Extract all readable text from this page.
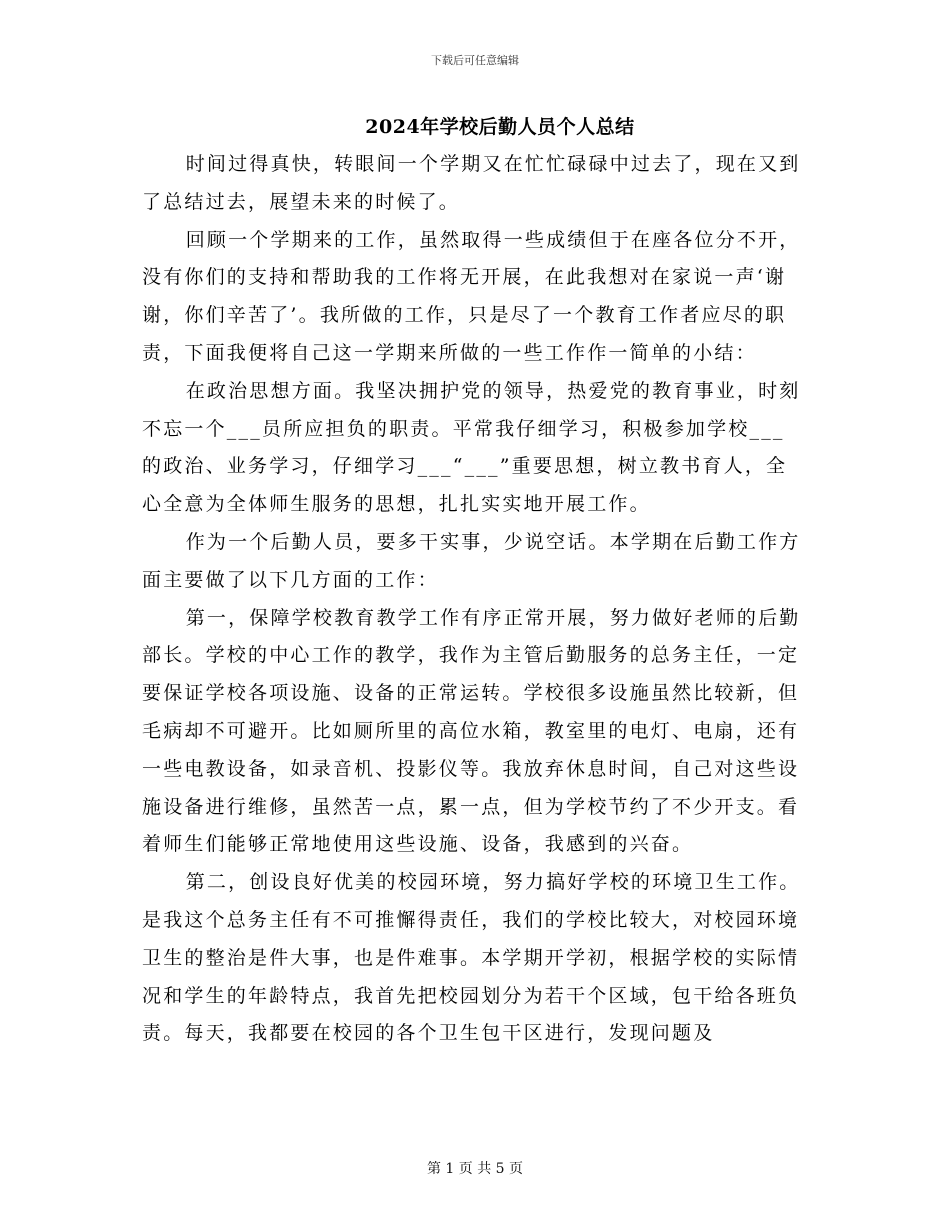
下载后可任意编辑
2024年学校后勤人员个人总结

时间过得真快，转眼间一个学期又在忙忙碌碌中过去了，现在又到了总结过去，展望未来的时候了。

回顾一个学期来的工作，虽然取得一些成绩但于在座各位分不开，没有你们的支持和帮助我的工作将无开展，在此我想对在家说一声‘谢谢，你们辛苦了’。我所做的工作，只是尽了一个教育工作者应尽的职责，下面我便将自己这一学期来所做的一些工作作一简单的小结：

在政治思想方面。我坚决拥护党的领导，热爱党的教育事业，时刻不忘一个___员所应担负的职责。平常我仔细学习，积极参加学校___的政治、业务学习，仔细学习___“___”重要思想，树立教书育人，全心全意为全体师生服务的思想，扎扎实实地开展工作。

作为一个后勤人员，要多干实事，少说空话。本学期在后勤工作方面主要做了以下几方面的工作：

第一，保障学校教育教学工作有序正常开展，努力做好老师的后勤部长。学校的中心工作的教学，我作为主管后勤服务的总务主任，一定要保证学校各项设施、设备的正常运转。学校很多设施虽然比较新，但毛病却不可避开。比如厕所里的高位水箱，教室里的电灯、电扇，还有一些电教设备，如录音机、投影仪等。我放弃休息时间，自己对这些设施设备进行维修，虽然苦一点，累一点，但为学校节约了不少开支。看着师生们能够正常地使用这些设施、设备，我感到的兴奋。

第二，创设良好优美的校园环境，努力搞好学校的环境卫生工作。是我这个总务主任有不可推懈得责任，我们的学校比较大，对校园环境卫生的整治是件大事，也是件难事。本学期开学初，根据学校的实际情况和学生的年龄特点，我首先把校园划分为若干个区域，包干给各班负责。每天，我都要在校园的各个卫生包干区进行，发现问题及

第 1 页 共 5 页
